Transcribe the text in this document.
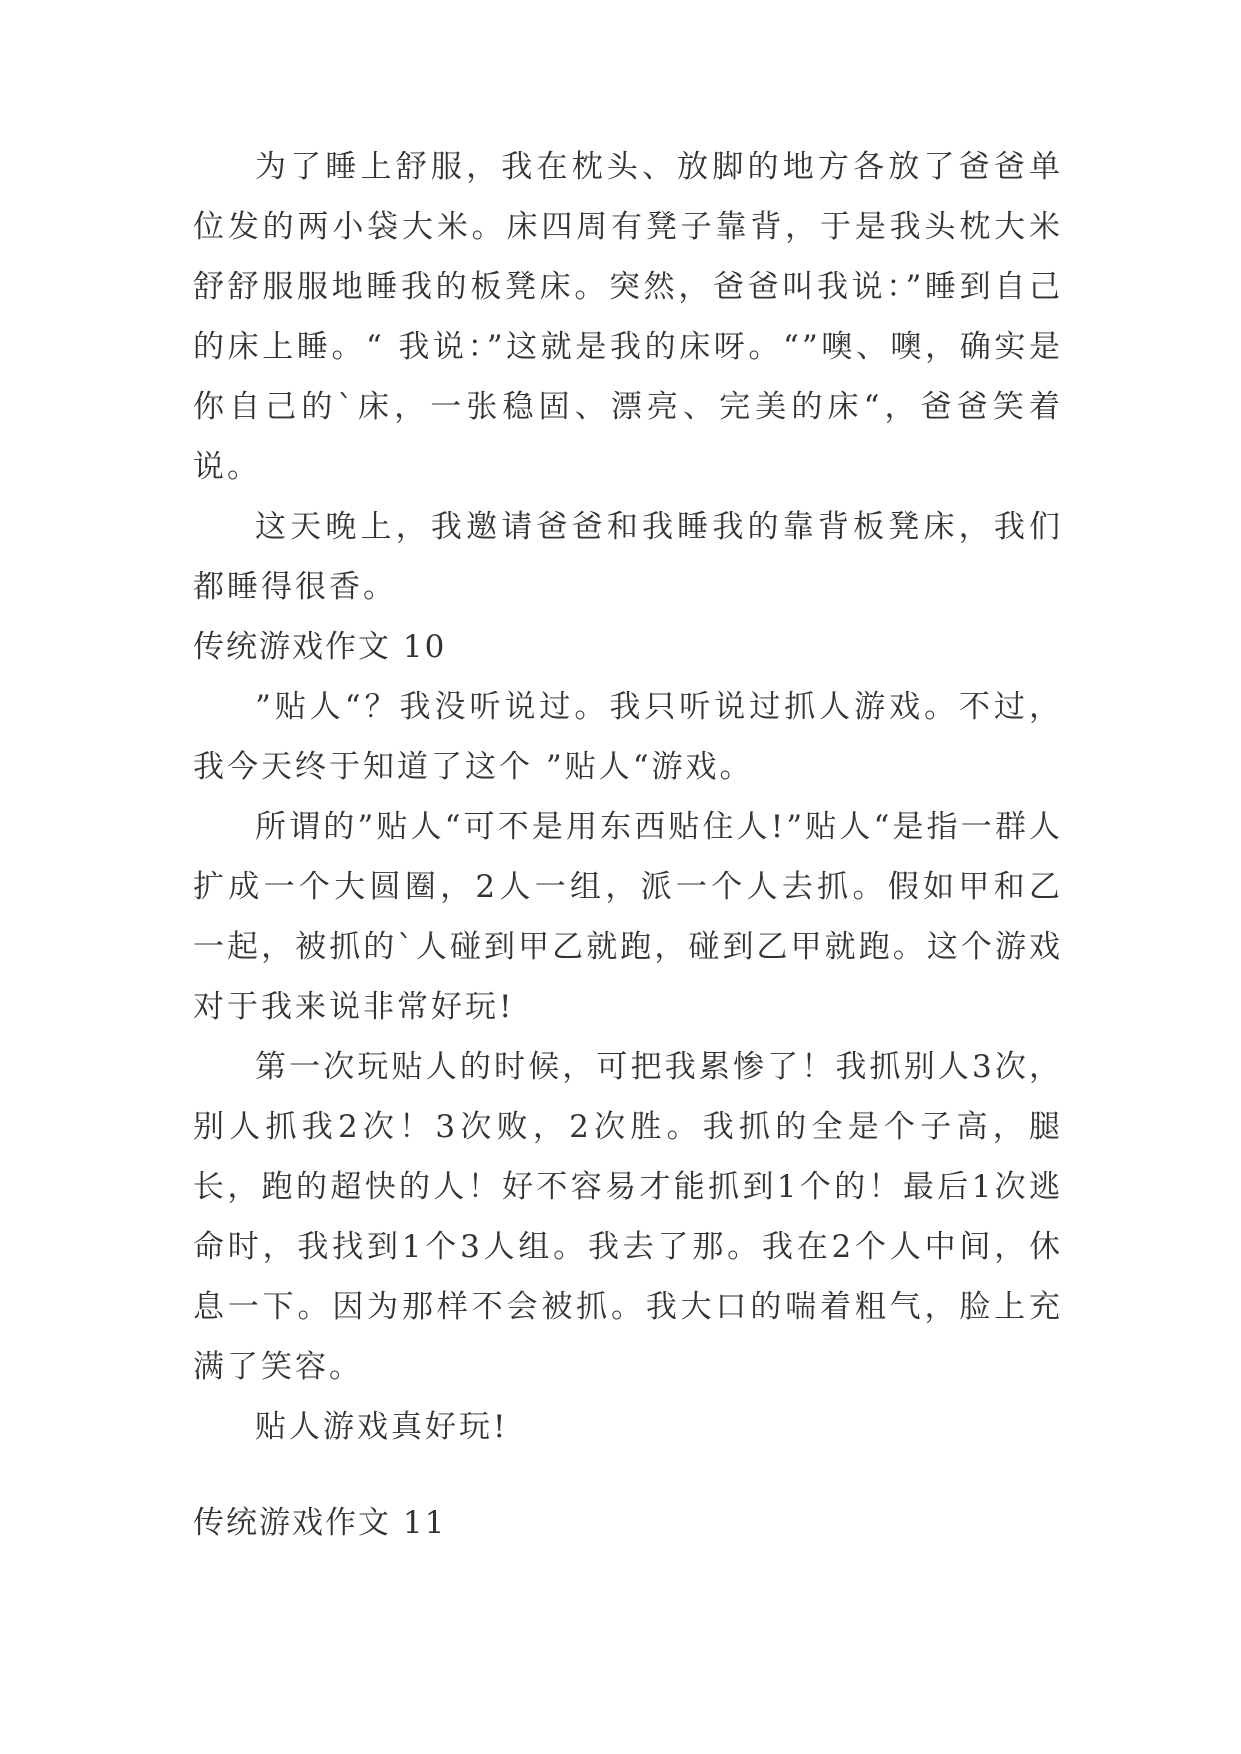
为了睡上舒服，我在枕头、放脚的地方各放了爸爸单位发的两小袋大米。床四周有凳子靠背，于是我头枕大米舒舒服服地睡我的板凳床。突然，爸爸叫我说：”睡到自己的床上睡。“ 我说：”这就是我的床呀。“”噢、噢，确实是你自己的`床，一张稳固、漂亮、完美的床“，爸爸笑着说。

这天晚上，我邀请爸爸和我睡我的靠背板凳床，我们都睡得很香。

传统游戏作文 10

”贴人“？我没听说过。我只听说过抓人游戏。不过，我今天终于知道了这个 ”贴人“游戏。

所谓的”贴人“可不是用东西贴住人!”贴人“是指一群人扩成一个大圆圈，2人一组，派一个人去抓。假如甲和乙一起，被抓的`人碰到甲乙就跑，碰到乙甲就跑。这个游戏对于我来说非常好玩!

第一次玩贴人的时候，可把我累惨了！我抓别人3次，别人抓我2次！3次败，2次胜。我抓的全是个子高，腿长，跑的超快的人！好不容易才能抓到1个的！最后1次逃命时，我找到1个3人组。我去了那。我在2个人中间，休息一下。因为那样不会被抓。我大口的喘着粗气，脸上充满了笑容。

贴人游戏真好玩!

传统游戏作文 11
